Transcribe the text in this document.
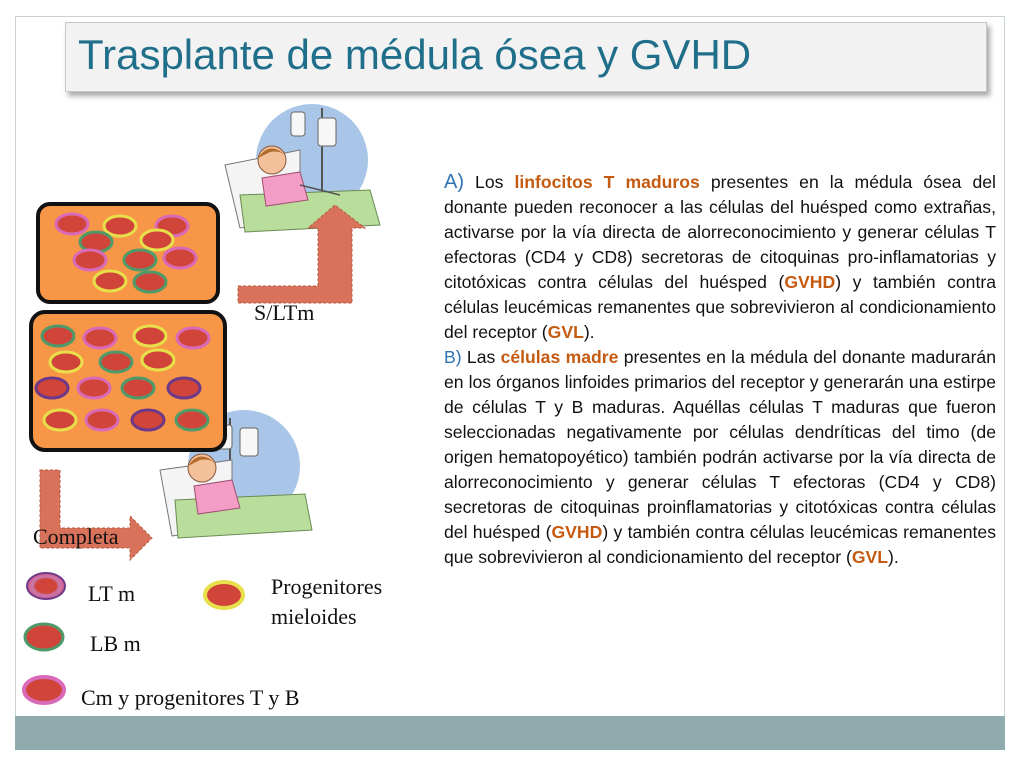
Trasplante de médula ósea y GVHD
S/LTm
Completa
LT m
LB m
Cm y progenitores T y B
Progenitores
mieloides

A) Los linfocitos T maduros presentes en la médula ósea del donante pueden reconocer a las células del huésped como extrañas, activarse por la vía directa de alorreconocimiento y generar células T efectoras (CD4 y CD8) secretoras de citoquinas pro-inflamatorias y citotóxicas contra células del huésped (GVHD) y también contra células leucémicas remanentes que sobrevivieron al condicionamiento del receptor (GVL).

B) Las células madre presentes en la médula del donante madurarán en los órganos linfoides primarios del receptor y generarán una estirpe de células T y B maduras. Aquéllas células T maduras que fueron seleccionadas negativamente por células dendríticas del timo (de origen hematopoyético) también podrán activarse por la vía directa de alorreconocimiento y generar células T efectoras (CD4 y CD8) secretoras de citoquinas proinflamatorias y citotóxicas contra células del huésped (GVHD) y también contra células leucémicas remanentes que sobrevivieron al condicionamiento del receptor (GVL).
